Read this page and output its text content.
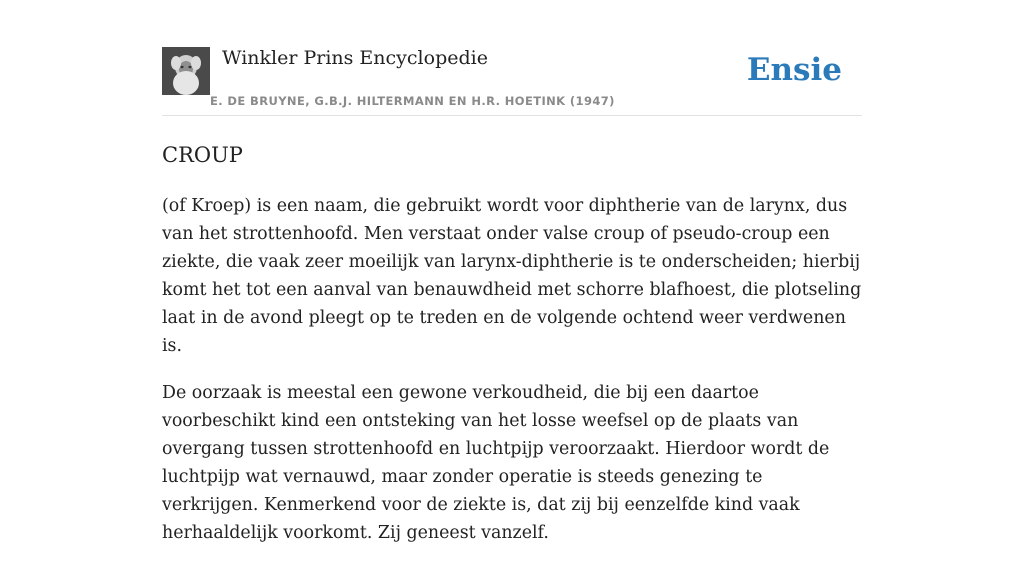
Winkler Prins Encyclopedie
E. DE BRUYNE, G.B.J. HILTERMANN EN H.R. HOETINK (1947)
Ensie
CROUP

(of Kroep) is een naam, die gebruikt wordt voor diphtherie van de larynx, dus van het strottenhoofd. Men verstaat onder valse croup of pseudo-croup een ziekte, die vaak zeer moeilijk van larynx-diphtherie is te onderscheiden; hierbij komt het tot een aanval van benauwdheid met schorre blafhoest, die plotseling laat in de avond pleegt op te treden en de volgende ochtend weer verdwenen is.

De oorzaak is meestal een gewone verkoudheid, die bij een daartoe voorbeschikt kind een ontsteking van het losse weefsel op de plaats van overgang tussen strottenhoofd en luchtpijp veroorzaakt. Hierdoor wordt de luchtpijp wat vernauwd, maar zonder operatie is steeds genezing te verkrijgen. Kenmerkend voor de ziekte is, dat zij bij eenzelfde kind vaak herhaaldelijk voorkomt. Zij geneest vanzelf.
